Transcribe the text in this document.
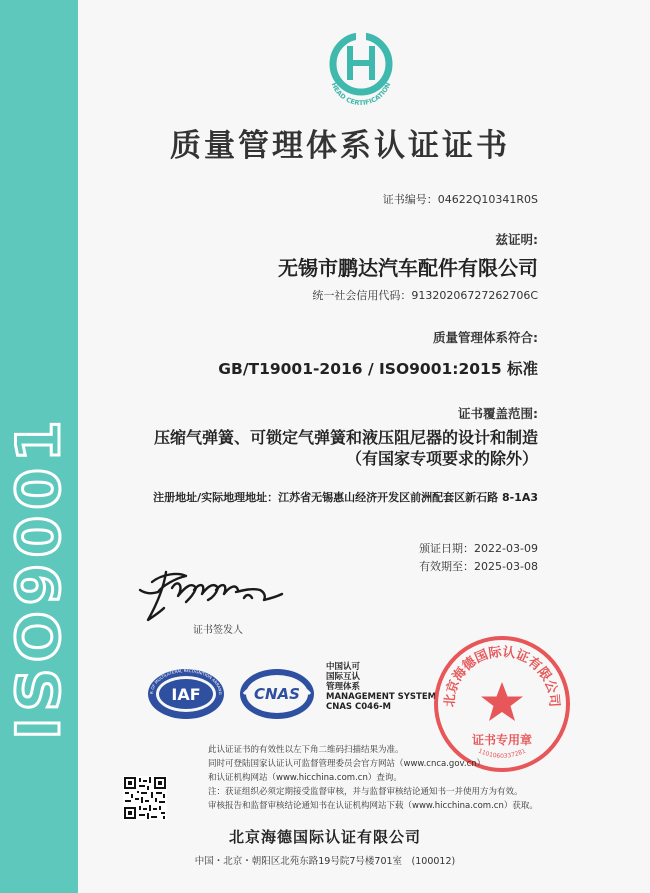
ISO9001
HEAD CERTIFICATION
质量管理体系认证证书
证书编号：04622Q10341R0S
兹证明:
无锡市鹏达汽车配件有限公司
统一社会信用代码：91320206727262706C
质量管理体系符合:
GB/T19001-2016 / ISO9001:2015 标准
证书覆盖范围:
压缩气弹簧、可锁定气弹簧和液压阻尼器的设计和制造
（有国家专项要求的除外）
注册地址/实际地理地址：江苏省无锡惠山经济开发区前洲配套区新石路 8-1A3
颁证日期：2022-03-09
有效期至：2025-03-08
证书签发人
R OF MULTILATERAL RECOGNITION ARRANG
IAF	CNAS
中国认可
国际互认
管理体系
MANAGEMENT SYSTEM
CNAS C046-M	北京海德国际认证有限公司
证书专用章
1101060337281
此认证证书的有效性以左下角二维码扫描结果为准。
同时可登陆国家认证认可监督管理委员会官方网站（www.cnca.gov.cn）
和认证机构网站（www.hicchina.com.cn）查询。
注：获证组织必须定期接受监督审核，并与监督审核结论通知书一并使用方为有效。
审核报告和监督审核结论通知书在认证机构网站下载（www.hicchina.com.cn）获取。
北京海德国际认证有限公司
中国・北京・朝阳区北苑东路19号院7号楼701室　(100012)
